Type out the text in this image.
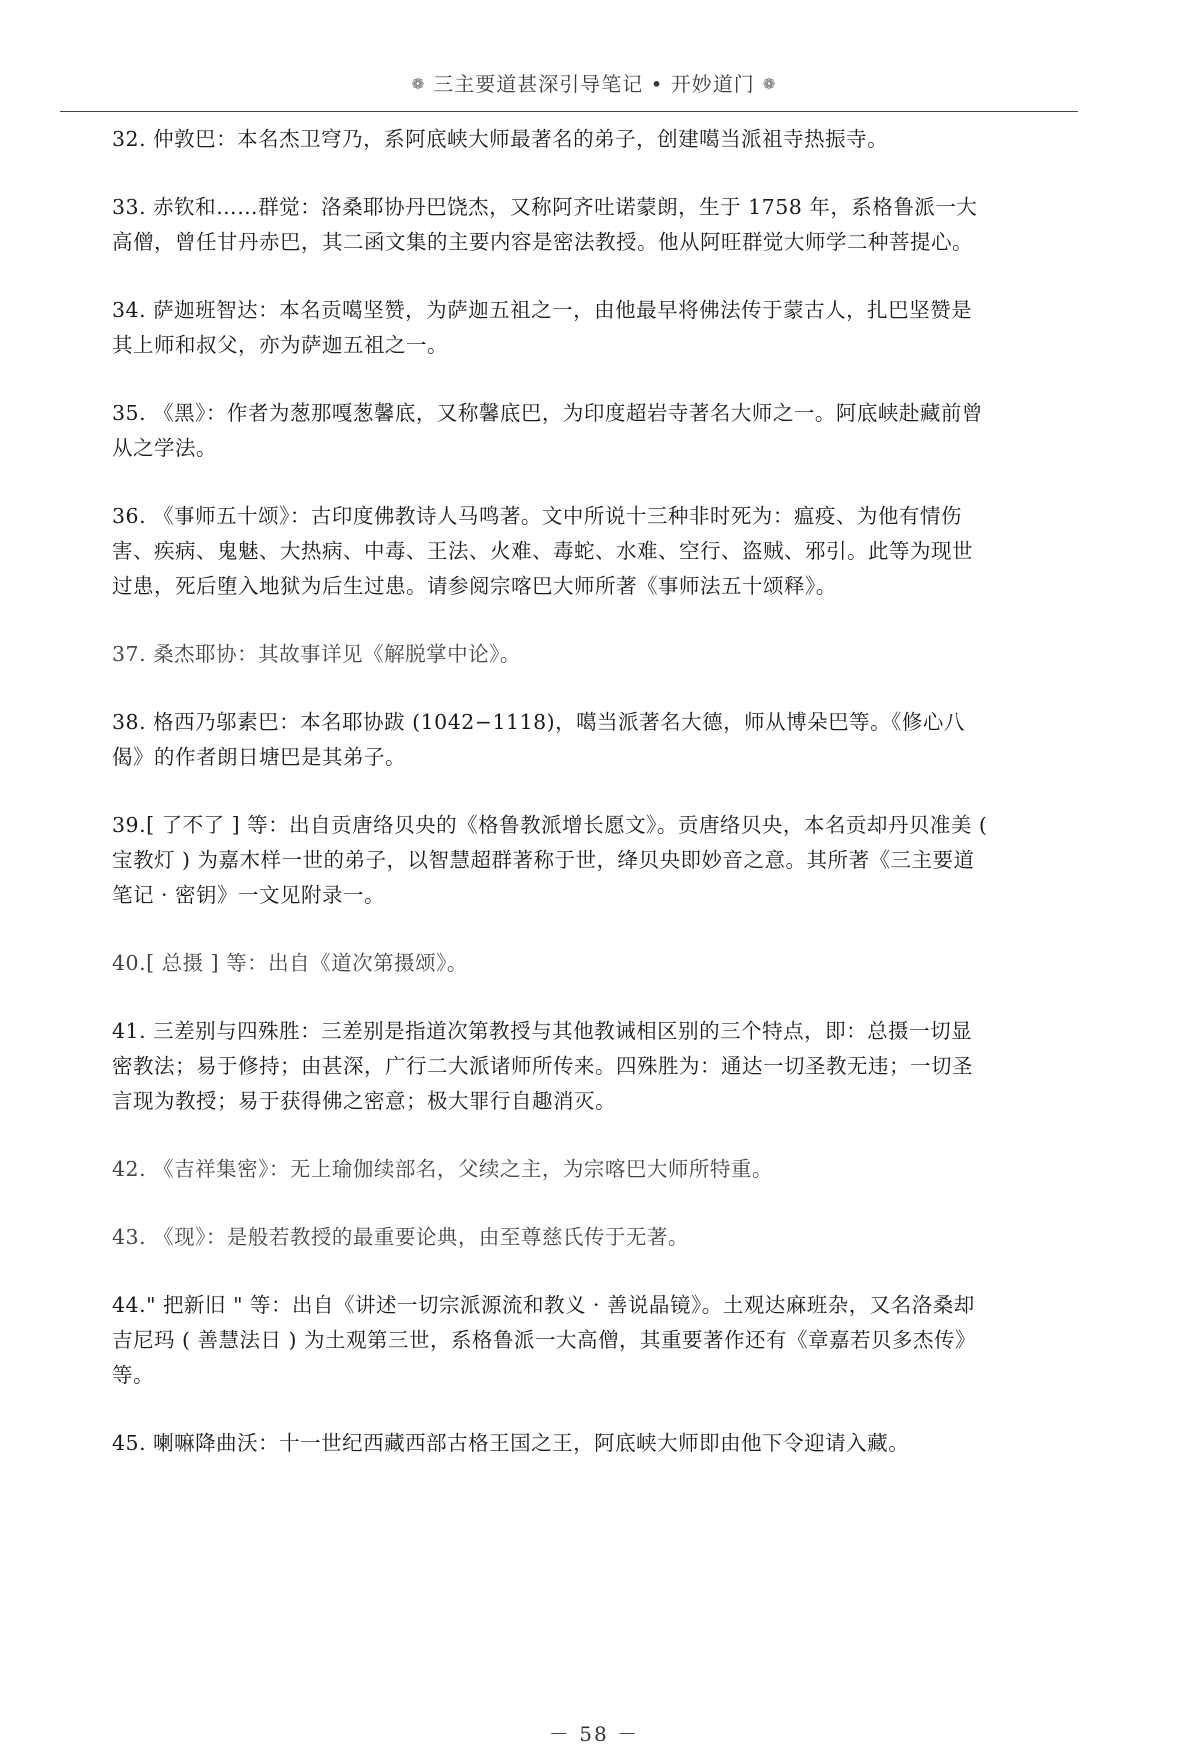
❁ 三主要道甚深引导笔记 • 开妙道门 ❁

32. 仲敦巴：本名杰卫穹乃，系阿底峡大师最著名的弟子，创建噶当派祖寺热振寺。

33. 赤钦和……群觉：洛桑耶协丹巴饶杰，又称阿齐吐诺蒙朗，生于 1758 年，系格鲁派一大高僧，曾任甘丹赤巴，其二函文集的主要内容是密法教授。他从阿旺群觉大师学二种菩提心。

34. 萨迦班智达：本名贡噶坚赞，为萨迦五祖之一，由他最早将佛法传于蒙古人，扎巴坚赞是其上师和叔父，亦为萨迦五祖之一。

35. 《黑》：作者为葱那嘎葱馨底，又称馨底巴，为印度超岩寺著名大师之一。阿底峡赴藏前曾从之学法。

36. 《事师五十颂》：古印度佛教诗人马鸣著。文中所说十三种非时死为：瘟疫、为他有情伤害、疾病、鬼魅、大热病、中毒、王法、火难、毒蛇、水难、空行、盗贼、邪引。此等为现世过患，死后堕入地狱为后生过患。请参阅宗喀巴大师所著《事师法五十颂释》。

37. 桑杰耶协：其故事详见《解脱掌中论》。

38. 格西乃邬素巴：本名耶协跋 (1042−1118)，噶当派著名大德，师从博朵巴等。《修心八偈》的作者朗日塘巴是其弟子。

39.[ 了不了 ] 等：出自贡唐络贝央的《格鲁教派增长愿文》。贡唐络贝央，本名贡却丹贝准美 ( 宝教灯 ) 为嘉木样一世的弟子，以智慧超群著称于世，绛贝央即妙音之意。其所著《三主要道笔记 · 密钥》一文见附录一。

40.[ 总摄 ] 等：出自《道次第摄颂》。

41. 三差别与四殊胜：三差别是指道次第教授与其他教诫相区别的三个特点，即：总摄一切显密教法；易于修持；由甚深，广行二大派诸师所传来。四殊胜为：通达一切圣教无违；一切圣言现为教授；易于获得佛之密意；极大罪行自趣消灭。

42. 《吉祥集密》：无上瑜伽续部名，父续之主，为宗喀巴大师所特重。

43. 《现》：是般若教授的最重要论典，由至尊慈氏传于无著。

44." 把新旧 " 等：出自《讲述一切宗派源流和教义 · 善说晶镜》。土观达麻班杂，又名洛桑却吉尼玛 ( 善慧法日 ) 为土观第三世，系格鲁派一大高僧，其重要著作还有《章嘉若贝多杰传》等。

45. 喇嘛降曲沃：十一世纪西藏西部古格王国之王，阿底峡大师即由他下令迎请入藏。

－ 58 －
